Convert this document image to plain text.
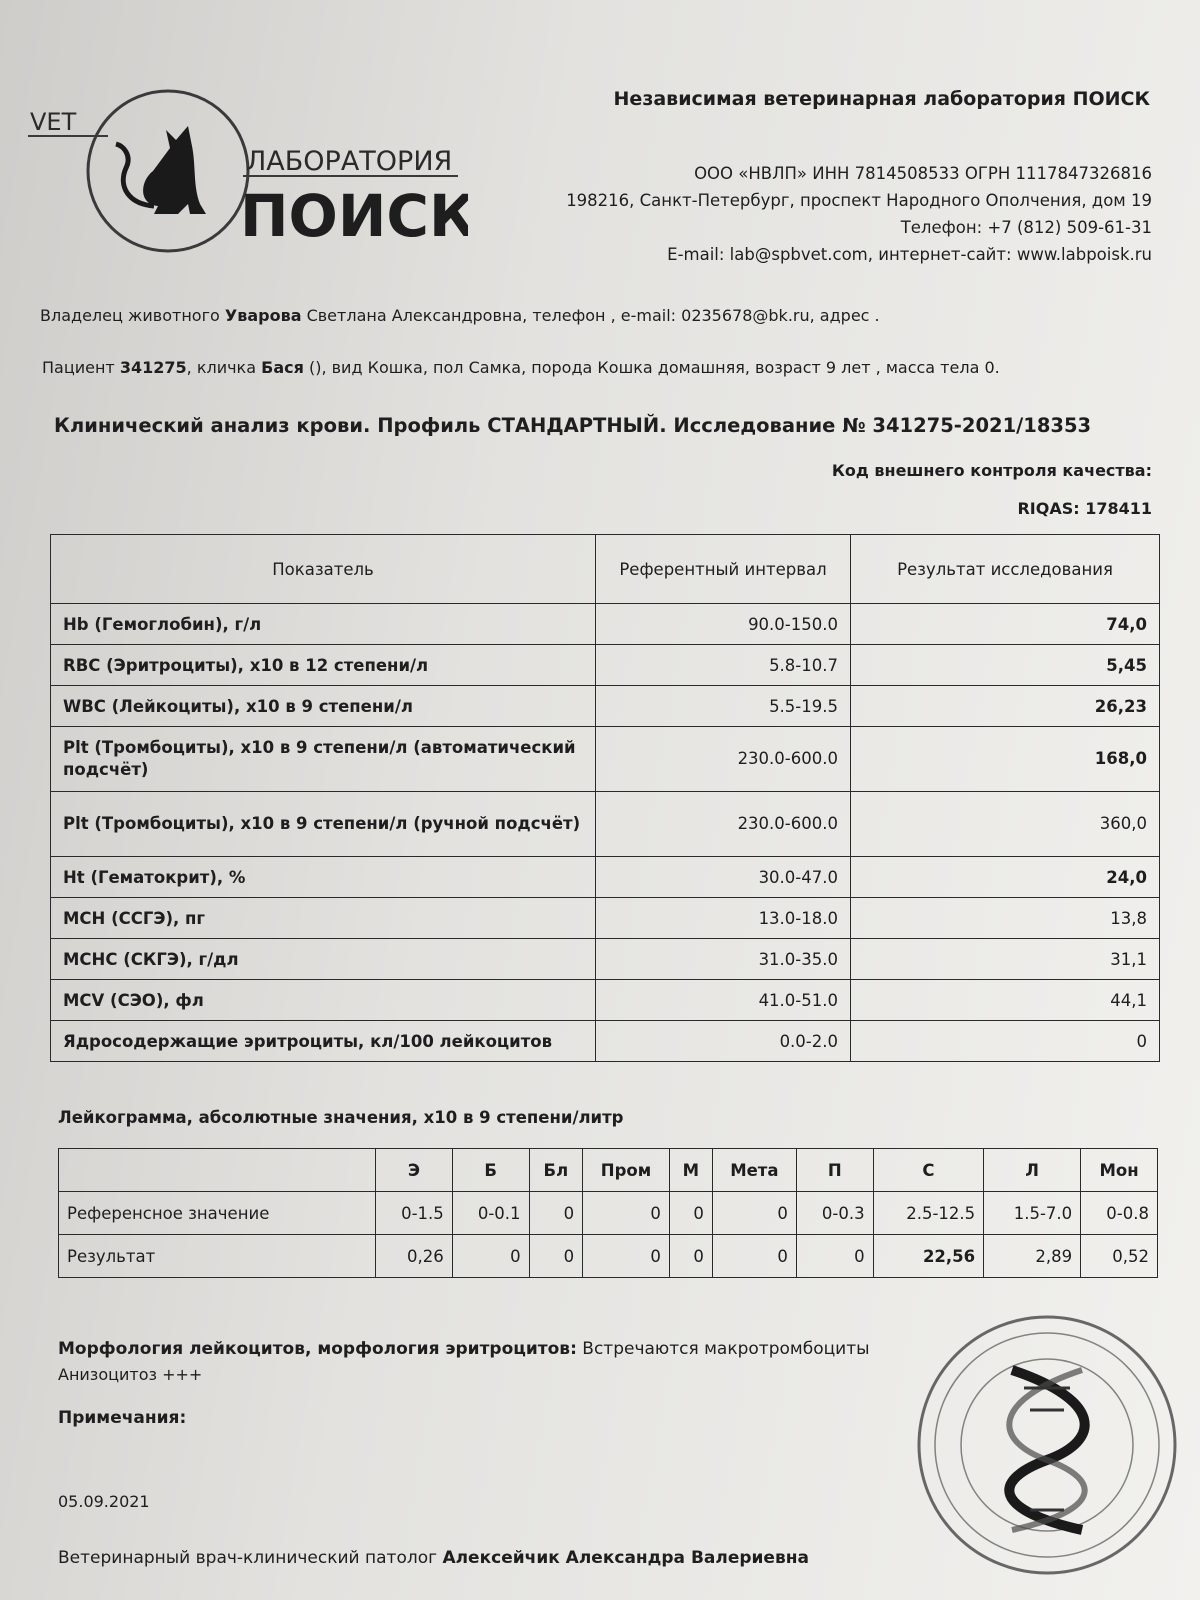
VET
ЛАБОРАТОРИЯ
ПОИСК
Независимая ветеринарная лаборатория ПОИСК
ООО «НВЛП» ИНН 7814508533 ОГРН 1117847326816
198216, Санкт-Петербург, проспект Народного Ополчения, дом 19
Телефон: +7 (812) 509-61-31
E-mail: lab@spbvet.com, интернет-сайт: www.labpoisk.ru
Владелец животного Уварова Светлана Александровна, телефон , e-mail: 0235678@bk.ru, адрес .
Пациент 341275, кличка Бася (), вид Кошка, пол Самка, порода Кошка домашняя, возраст 9 лет , масса тела 0.
Клинический анализ крови. Профиль СТАНДАРТНЫЙ. Исследование № 341275-2021/18353
Код внешнего контроля качества:
RIQAS: 178411
Показатель	Референтный интервал	Результат исследования
Hb (Гемоглобин), г/л	90.0-150.0	74,0
RBC (Эритроциты), x10 в 12 степени/л	5.8-10.7	5,45
WBC (Лейкоциты), x10 в 9 степени/л	5.5-19.5	26,23
Plt (Тромбоциты), x10 в 9 степени/л (автоматический подсчёт)	230.0-600.0	168,0
Plt (Тромбоциты), x10 в 9 степени/л (ручной подсчёт)	230.0-600.0	360,0
Ht (Гематокрит), %	30.0-47.0	24,0
MCH (ССГЭ), пг	13.0-18.0	13,8
MCHC (СКГЭ), г/дл	31.0-35.0	31,1
MCV (СЭО), фл	41.0-51.0	44,1
Ядросодержащие эритроциты, кл/100 лейкоцитов	0.0-2.0	0
Лейкограмма, абсолютные значения, x10 в 9 степени/литр
	Э	Б	Бл	Пром	М	Мета	П	С	Л	Мон
Референсное значение	0-1.5	0-0.1	0	0	0	0	0-0.3	2.5-12.5	1.5-7.0	0-0.8
Результат	0,26	0	0	0	0	0	0	22,56	2,89	0,52
Морфология лейкоцитов, морфология эритроцитов: Встречаются макротромбоциты
Анизоцитоз +++
Примечания:
05.09.2021
Ветеринарный врач-клинический патолог Алексейчик Александра Валериевна
